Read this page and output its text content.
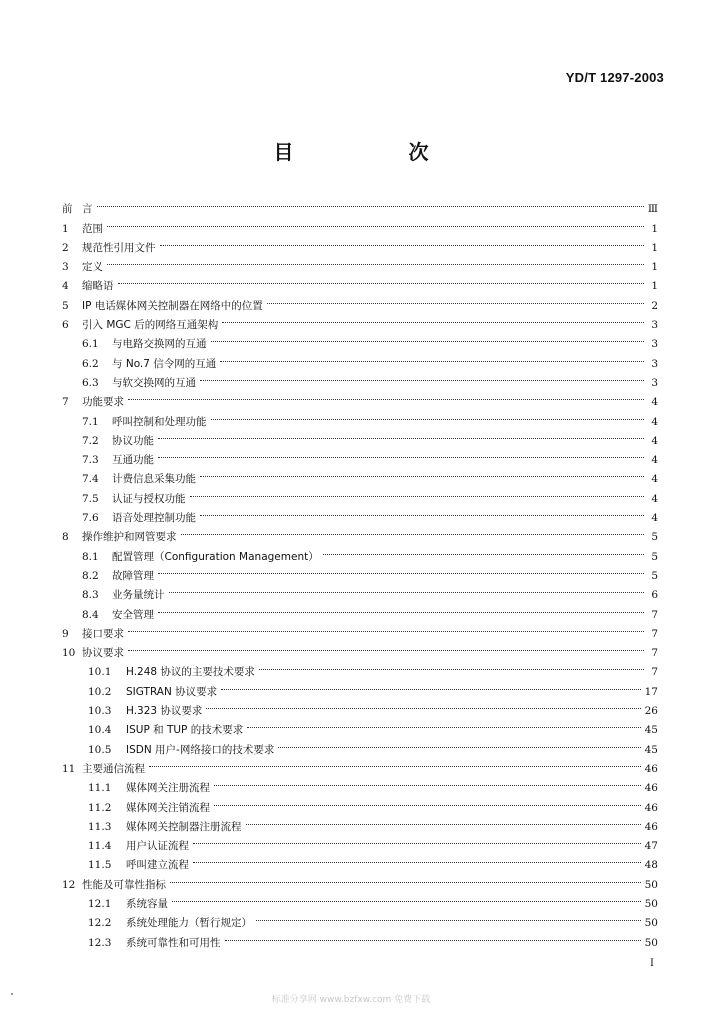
YD/T 1297-2003
目 次
前 言	Ⅲ
1	范围	1
2	规范性引用文件	1
3	定义	1
4	缩略语	1
5	IP 电话媒体网关控制器在网络中的位置	2
6	引入 MGC 后的网络互通架构	3
6.1	与电路交换网的互通	3
6.2	与 No.7 信令网的互通	3
6.3	与软交换网的互通	3
7	功能要求	4
7.1	呼叫控制和处理功能	4
7.2	协议功能	4
7.3	互通功能	4
7.4	计费信息采集功能	4
7.5	认证与授权功能	4
7.6	语音处理控制功能	4
8	操作维护和网管要求	5
8.1	配置管理（Configuration Management）	5
8.2	故障管理	5
8.3	业务量统计	6
8.4	安全管理	7
9	接口要求	7
10 协议要求	7
10.1	H.248 协议的主要技术要求	7
10.2	SIGTRAN 协议要求	17
10.3	H.323 协议要求	26
10.4	ISUP 和 TUP 的技术要求	45
10.5	ISDN 用户-网络接口的技术要求	45
11 主要通信流程	46
11.1	媒体网关注册流程	46
11.2	媒体网关注销流程	46
11.3	媒体网关控制器注册流程	46
11.4	用户认证流程	47
11.5	呼叫建立流程	48
12 性能及可靠性指标	50
12.1	系统容量	50
12.2	系统处理能力（暂行规定）	50
12.3	系统可靠性和可用性	50
I
标准分享网 www.bzfxw.com 免费下载
